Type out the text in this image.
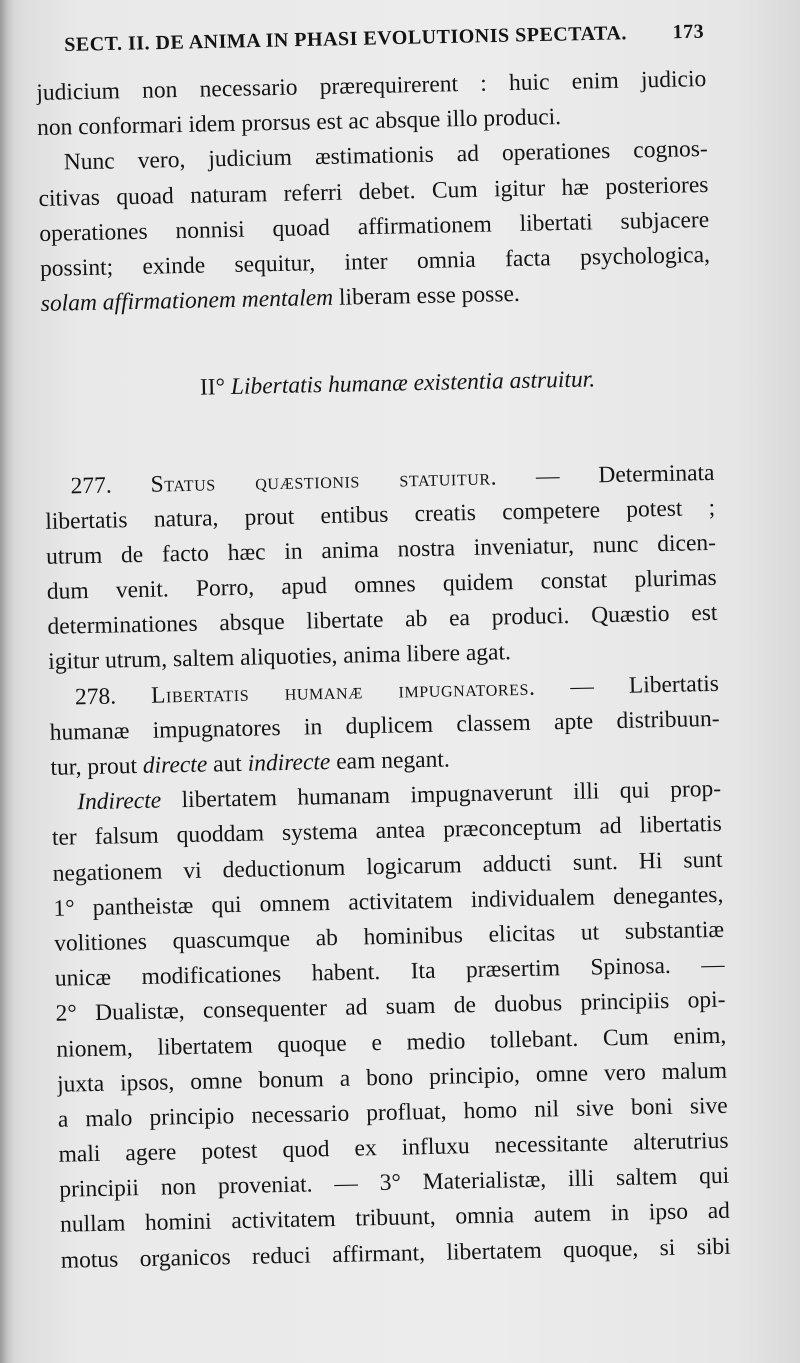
SECT. II. DE ANIMA IN PHASI EVOLUTIONIS SPECTATA. 173
judicium non necessario prærequirerent : huic enim judicio
non conformari idem prorsus est ac absque illo produci.
Nunc vero, judicium æstimationis ad operationes cognos-
citivas quoad naturam referri debet. Cum igitur hæ posteriores
operationes nonnisi quoad affirmationem libertati subjacere
possint; exinde sequitur, inter omnia facta psychologica,
solam affirmationem mentalem liberam esse posse.
II° Libertatis humanæ existentia astruitur.
277. Status quæstionis statuitur. — Determinata
libertatis natura, prout entibus creatis competere potest ;
utrum de facto hæc in anima nostra inveniatur, nunc dicen-
dum venit. Porro, apud omnes quidem constat plurimas
determinationes absque libertate ab ea produci. Quæstio est
igitur utrum, saltem aliquoties, anima libere agat.
278. Libertatis humanæ impugnatores. — Libertatis
humanæ impugnatores in duplicem classem apte distribuun-
tur, prout directe aut indirecte eam negant.
Indirecte libertatem humanam impugnaverunt illi qui prop-
ter falsum quoddam systema antea præconceptum ad libertatis
negationem vi deductionum logicarum adducti sunt. Hi sunt
1° pantheistæ qui omnem activitatem individualem denegantes,
volitiones quascumque ab hominibus elicitas ut substantiæ
unicæ modificationes habent. Ita præsertim Spinosa. —
2° Dualistæ, consequenter ad suam de duobus principiis opi-
nionem, libertatem quoque e medio tollebant. Cum enim,
juxta ipsos, omne bonum a bono principio, omne vero malum
a malo principio necessario profluat, homo nil sive boni sive
mali agere potest quod ex influxu necessitante alterutrius
principii non proveniat. — 3° Materialistæ, illi saltem qui
nullam homini activitatem tribuunt, omnia autem in ipso ad
motus organicos reduci affirmant, libertatem quoque, si sibi
